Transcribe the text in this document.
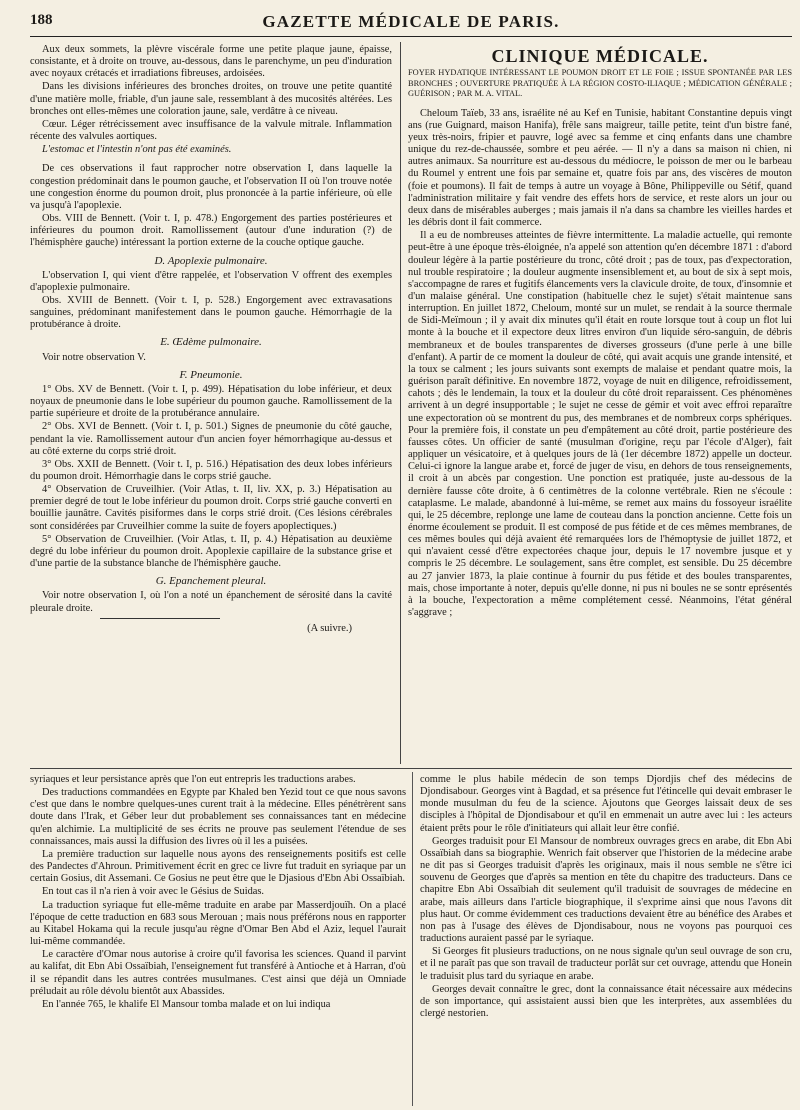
188	GAZETTE MÉDICALE DE PARIS.

Aux deux sommets, la plèvre viscérale forme une petite plaque jaune, épaisse, consistante, et à droite on trouve, au-dessous, dans le parenchyme, un peu d'induration avec noyaux crétacés et irradiations fibreuses, ardoisées.

Dans les divisions inférieures des bronches droites, on trouve une petite quantité d'une matière molle, friable, d'un jaune sale, ressemblant à des mucosités altérées. Les bronches ont elles-mêmes une coloration jaune, sale, verdâtre à ce niveau.

Cœur. Léger rétrécissement avec insuffisance de la valvule mitrale. Inflammation récente des valvules aortiques.

L'estomac et l'intestin n'ont pas été examinés.

De ces observations il faut rapprocher notre observation I, dans laquelle la congestion prédominait dans le poumon gauche, et l'observation II où l'on trouve notée une congestion énorme du poumon droit, plus prononcée à la partie inférieure, où elle va jusqu'à l'apoplexie.

Obs. VIII de Bennett. (Voir t. I, p. 478.) Engorgement des parties postérieures et inférieures du poumon droit. Ramollissement (autour d'une induration (?) de l'hémisphère gauche) intéressant la portion externe de la couche optique gauche.

D. Apoplexie pulmonaire.

L'observation I, qui vient d'être rappelée, et l'observation V offrent des exemples d'apoplexie pulmonaire.

Obs. XVIII de Bennett. (Voir t. I, p. 528.) Engorgement avec extravasations sanguines, prédominant manifestement dans le poumon gauche. Hémorrhagie de la protubérance à droite.

E. Œdème pulmonaire.

Voir notre observation V.

F. Pneumonie.

1° Obs. XV de Bennett. (Voir t. I, p. 499). Hépatisation du lobe inférieur, et deux noyaux de pneumonie dans le lobe supérieur du poumon gauche. Ramollissement de la partie supérieure et droite de la protubérance annulaire.

2° Obs. XVI de Bennett. (Voir t. I, p. 501.) Signes de pneumonie du côté gauche, pendant la vie. Ramollissement autour d'un ancien foyer hémorrhagique au-dessus et au côté externe du corps strié droit.

3° Obs. XXII de Bennett. (Voir t. I, p. 516.) Hépatisation des deux lobes inférieurs du poumon droit. Hémorrhagie dans le corps strié gauche.

4° Observation de Cruveilhier. (Voir Atlas, t. II, liv. XX, p. 3.) Hépatisation au premier degré de tout le lobe inférieur du poumon droit. Corps strié gauche converti en bouillie jaunâtre. Cavités pisiformes dans le corps strié droit. (Ces lésions cérébrales sont considérées par Cruveilhier comme la suite de foyers apoplectiques.)

5° Observation de Cruveilhier. (Voir Atlas, t. II, p. 4.) Hépatisation au deuxième degré du lobe inférieur du poumon droit. Apoplexie capillaire de la substance grise et d'une partie de la substance blanche de l'hémisphère gauche.

G. Epanchement pleural.

Voir notre observation I, où l'on a noté un épanchement de sérosité dans la cavité pleurale droite.

(A suivre.)
CLINIQUE MÉDICALE.
FOYER HYDATIQUE INTÉRESSANT LE POUMON DROIT ET LE FOIE ; ISSUE SPONTANÉE PAR LES BRONCHES ; OUVERTURE PRATIQUÉE À LA RÉGION COSTO-ILIAQUE ; MÉDICATION GÉNÉRALE ; GUÉRISON ; PAR M. A. VITAL.

Cheloum Taïeb, 33 ans, israélite né au Kef en Tunisie, habitant Constantine depuis vingt ans (rue Guignard, maison Hanifa), frêle sans maigreur, taille petite, teint d'un bistre fané, yeux très-noirs, fripier et pauvre, logé avec sa femme et cinq enfants dans une chambre unique du rez-de-chaussée, sombre et peu aérée. — Il n'y a dans sa maison ni chien, ni autres animaux. Sa nourriture est au-dessous du médiocre, le poisson de mer ou le barbeau du Roumel y entrent une fois par semaine et, quatre fois par ans, des viscères de mouton (foie et poumons). Il fait de temps à autre un voyage à Bône, Philippeville ou Sétif, quand l'administration militaire y fait vendre des effets hors de service, et reste alors un jour ou deux dans de misérables auberges ; mais jamais il n'a dans sa chambre les vieilles hardes et les débris dont il fait commerce.

Il a eu de nombreuses atteintes de fièvre intermittente. La maladie actuelle, qui remonte peut-être à une époque très-éloignée, n'a appelé son attention qu'en décembre 1871 : d'abord douleur légère à la partie postérieure du tronc, côté droit ; pas de toux, pas d'expectoration, nul trouble respiratoire ; la douleur augmente insensiblement et, au bout de six à sept mois, s'accompagne de rares et fugitifs élancements vers la clavicule droite, de toux, d'insomnie et d'un malaise général. Une constipation (habituelle chez le sujet) s'était maintenue sans interruption. En juillet 1872, Cheloum, monté sur un mulet, se rendait à la source thermale de Sidi-Meïmoun ; il y avait dix minutes qu'il était en route lorsque tout à coup un flot lui monte à la bouche et il expectore deux litres environ d'un liquide séro-sanguin, de débris membraneux et de boules transparentes de diverses grosseurs (d'une perle à une bille d'enfant). A partir de ce moment la douleur de côté, qui avait acquis une grande intensité, et la toux se calment ; les jours suivants sont exempts de malaise et pendant quatre mois, la guérison paraît définitive. En novembre 1872, voyage de nuit en diligence, refroidissement, cahots ; dès le lendemain, la toux et la douleur du côté droit reparaissent. Ces phénomènes arrivent à un degré insupportable ; le sujet ne cesse de gémir et voit avec effroi reparaître une expectoration où se montrent du pus, des membranes et de nombreux corps sphériques. Pour la première fois, il constate un peu d'empâtement au côté droit, partie postérieure des fausses côtes. Un officier de santé (musulman d'origine, reçu par l'école d'Alger), fait appliquer un vésicatoire, et à quelques jours de là (1er décembre 1872) appelle un docteur. Celui-ci ignore la langue arabe et, forcé de juger de visu, en dehors de tous renseignements, il croit à un abcès par congestion. Une ponction est pratiquée, juste au-dessous de la dernière fausse côte droite, à 6 centimètres de la colonne vertébrale. Rien ne s'écoule : cataplasme. Le malade, abandonné à lui-même, se remet aux mains du fossoyeur israélite qui, le 25 décembre, replonge une lame de couteau dans la ponction ancienne. Cette fois un énorme écoulement se produit. Il est composé de pus fétide et de ces mêmes membranes, de ces mêmes boules qui déjà avaient été remarquées lors de l'hémoptysie de juillet 1872, et qui n'avaient cessé d'être expectorées chaque jour, depuis le 17 novembre jusque et y compris le 25 décembre. Le soulagement, sans être complet, est sensible. Du 25 décembre au 27 janvier 1873, la plaie continue à fournir du pus fétide et des boules transparentes, mais, chose importante à noter, depuis qu'elle donne, ni pus ni boules ne se sontr eprésentés à la bouche, l'expectoration a même complétement cessé. Néanmoins, l'état général s'aggrave ;

syriaques et leur persistance après que l'on eut entrepris les traductions arabes.

Des traductions commandées en Egypte par Khaled ben Yezid tout ce que nous savons c'est que dans le nombre quelques-unes curent trait à la médecine. Elles pénétrèrent sans doute dans l'Irak, et Géber leur dut probablement ses connaissances tant en médecine qu'en alchimie. La multiplicité de ses écrits ne prouve pas seulement l'étendue de ses connaissances, mais aussi la diffusion des livres où il les a puisées.

La première traduction sur laquelle nous ayons des renseignements positifs est celle des Pandectes d'Ahroun. Primitivement écrit en grec ce livre fut traduit en syriaque par un certain Gosius, dit Assemani. Ce Gosius ne peut être que le Djasious d'Ebn Abi Ossaïbiah.

En tout cas il n'a rien à voir avec le Gésius de Suidas.

La traduction syriaque fut elle-même traduite en arabe par Masserdjouïh. On a placé l'époque de cette traduction en 683 sous Merouan ; mais nous préférons nous en rapporter au Kitabel Hokama qui la recule jusqu'au règne d'Omar Ben Abd el Aziz, lequel l'aurait lui-même commandée.

Le caractère d'Omar nous autorise à croire qu'il favorisa les sciences. Quand il parvint au kalifat, dit Ebn Abi Ossaïbiah, l'enseignement fut transféré à Antioche et à Harran, d'où il se répandit dans les autres contrées musulmanes. C'est ainsi que déjà un Omniade préludait au rôle dévolu bientôt aux Abassides.

En l'année 765, le khalife El Mansour tomba malade et on lui indiqua

comme le plus habile médecin de son temps Djordjis chef des médecins de Djondisabour. Georges vint à Bagdad, et sa présence fut l'étincelle qui devait embraser le monde musulman du feu de la science. Ajoutons que Georges laissait deux de ses disciples à l'hôpital de Djondisabour et qu'il en emmenait un autre avec lui : les acteurs étaient prêts pour le rôle d'initiateurs qui allait leur être confié.

Georges traduisit pour El Mansour de nombreux ouvrages grecs en arabe, dit Ebn Abi Ossaïbiah dans sa biographie. Wenrich fait observer que l'historien de la médecine arabe ne dit pas si Georges traduisit d'après les originaux, mais il nous semble ne s'être ici souvenu de Georges que d'après sa mention en tête du chapitre des traducteurs. Dans ce chapitre Ebn Abi Ossaïbiah dit seulement qu'il traduisit de souvrages de médecine en arabe, mais ailleurs dans l'article biographique, il s'exprime ainsi que nous l'avons dit plus haut. Or comme évidemment ces traductions devaient être au bénéfice des Arabes et non pas à l'usage des élèves de Djondisabour, nous ne voyons pas pourquoi ces traductions auraient passé par le syriaque.

Si Georges fit plusieurs traductions, on ne nous signale qu'un seul ouvrage de son cru, et il ne paraît pas que son travail de traducteur porlât sur cet ouvrage, attendu que Honein le traduisit plus tard du syriaque en arabe.

Georges devait connaître le grec, dont la connaissance était nécessaire aux médecins de son importance, qui assistaient aussi bien que les interprètes, aux assemblées du clergé nestorien.
